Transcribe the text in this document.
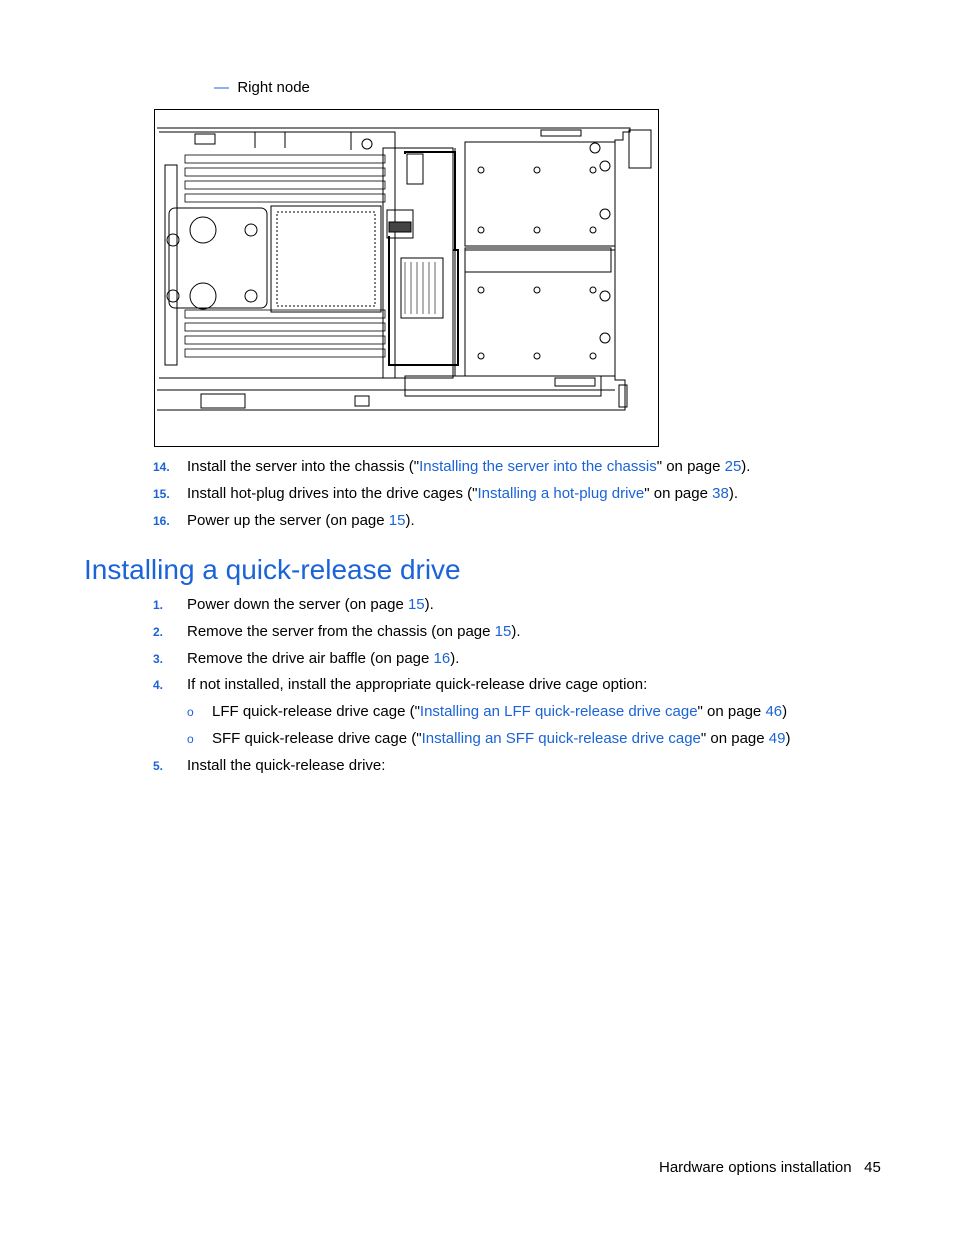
— Right node
14. Install the server into the chassis ("Installing the server into the chassis" on page 25).
15. Install hot-plug drives into the drive cages ("Installing a hot-plug drive" on page 38).
16. Power up the server (on page 15).
Installing a quick-release drive
1. Power down the server (on page 15).
2. Remove the server from the chassis (on page 15).
3. Remove the drive air baffle (on page 16).
4. If not installed, install the appropriate quick-release drive cage option:
o LFF quick-release drive cage ("Installing an LFF quick-release drive cage" on page 46)
o SFF quick-release drive cage ("Installing an SFF quick-release drive cage" on page 49)
5. Install the quick-release drive:
Hardware options installation 45
